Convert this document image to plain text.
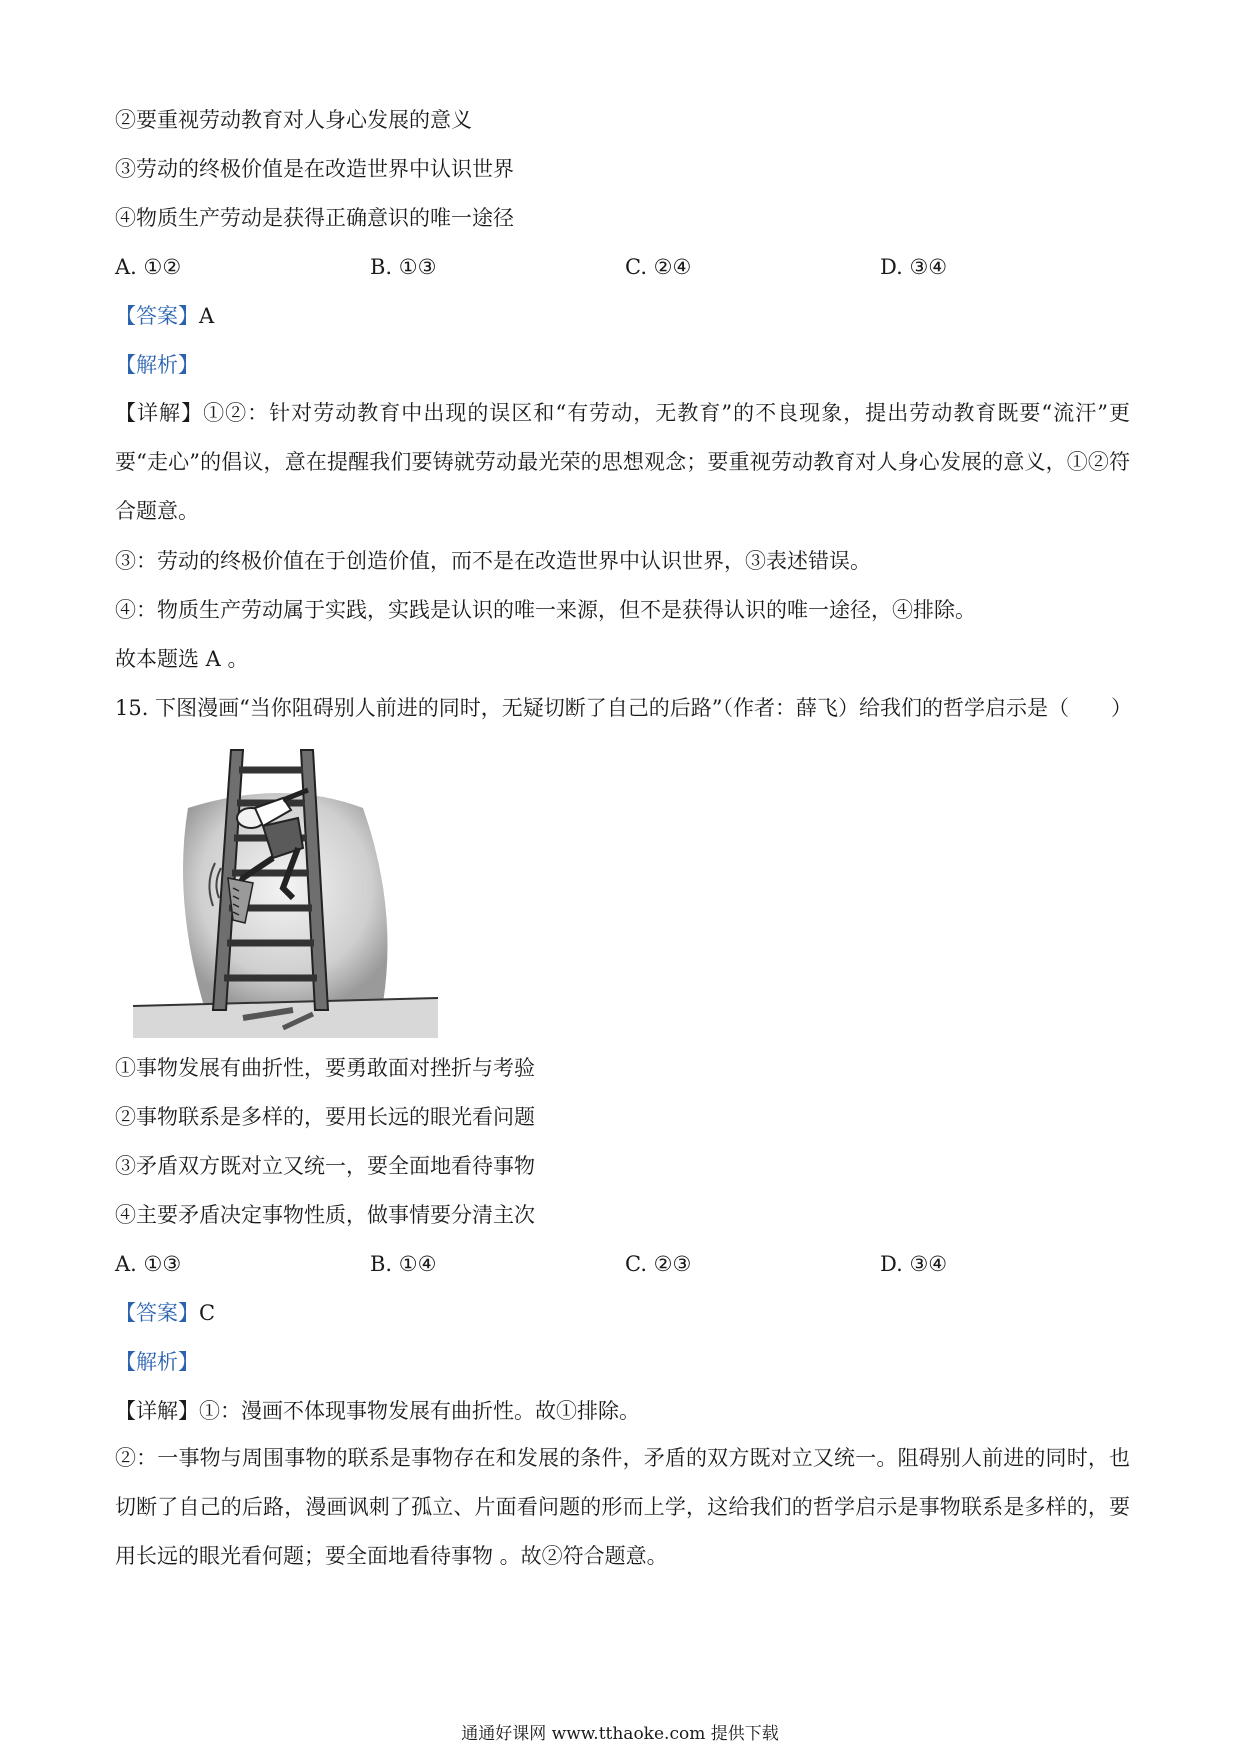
②要重视劳动教育对人身心发展的意义

③劳动的终极价值是在改造世界中认识世界

④物质生产劳动是获得正确意识的唯一途径

A. ①②	B. ①③	C. ②④	D. ③④

【答案】A

【解析】

【详解】①②：针对劳动教育中出现的误区和“有劳动，无教育”的不良现象，提出劳动教育既要“流汗”更要“走心”的倡议，意在提醒我们要铸就劳动最光荣的思想观念；要重视劳动教育对人身心发展的意义，①②符合题意。

③：劳动的终极价值在于创造价值，而不是在改造世界中认识世界，③表述错误。

④：物质生产劳动属于实践，实践是认识的唯一来源，但不是获得认识的唯一途径，④排除。

故本题选 A 。

15. 下图漫画“当你阻碍别人前进的同时，无疑切断了自己的后路”（作者：薛飞）给我们的哲学启示是（　　）

①事物发展有曲折性，要勇敢面对挫折与考验

②事物联系是多样的，要用长远的眼光看问题

③矛盾双方既对立又统一，要全面地看待事物

④主要矛盾决定事物性质，做事情要分清主次

A. ①③	B. ①④	C. ②③	D. ③④

【答案】C

【解析】

【详解】①：漫画不体现事物发展有曲折性。故①排除。

②：一事物与周围事物的联系是事物存在和发展的条件，矛盾的双方既对立又统一。阻碍别人前进的同时，也切断了自己的后路，漫画讽刺了孤立、片面看问题的形而上学，这给我们的哲学启示是事物联系是多样的，要用长远的眼光看何题；要全面地看待事物 。故②符合题意。

通通好课网 www.tthaoke.com 提供下载
